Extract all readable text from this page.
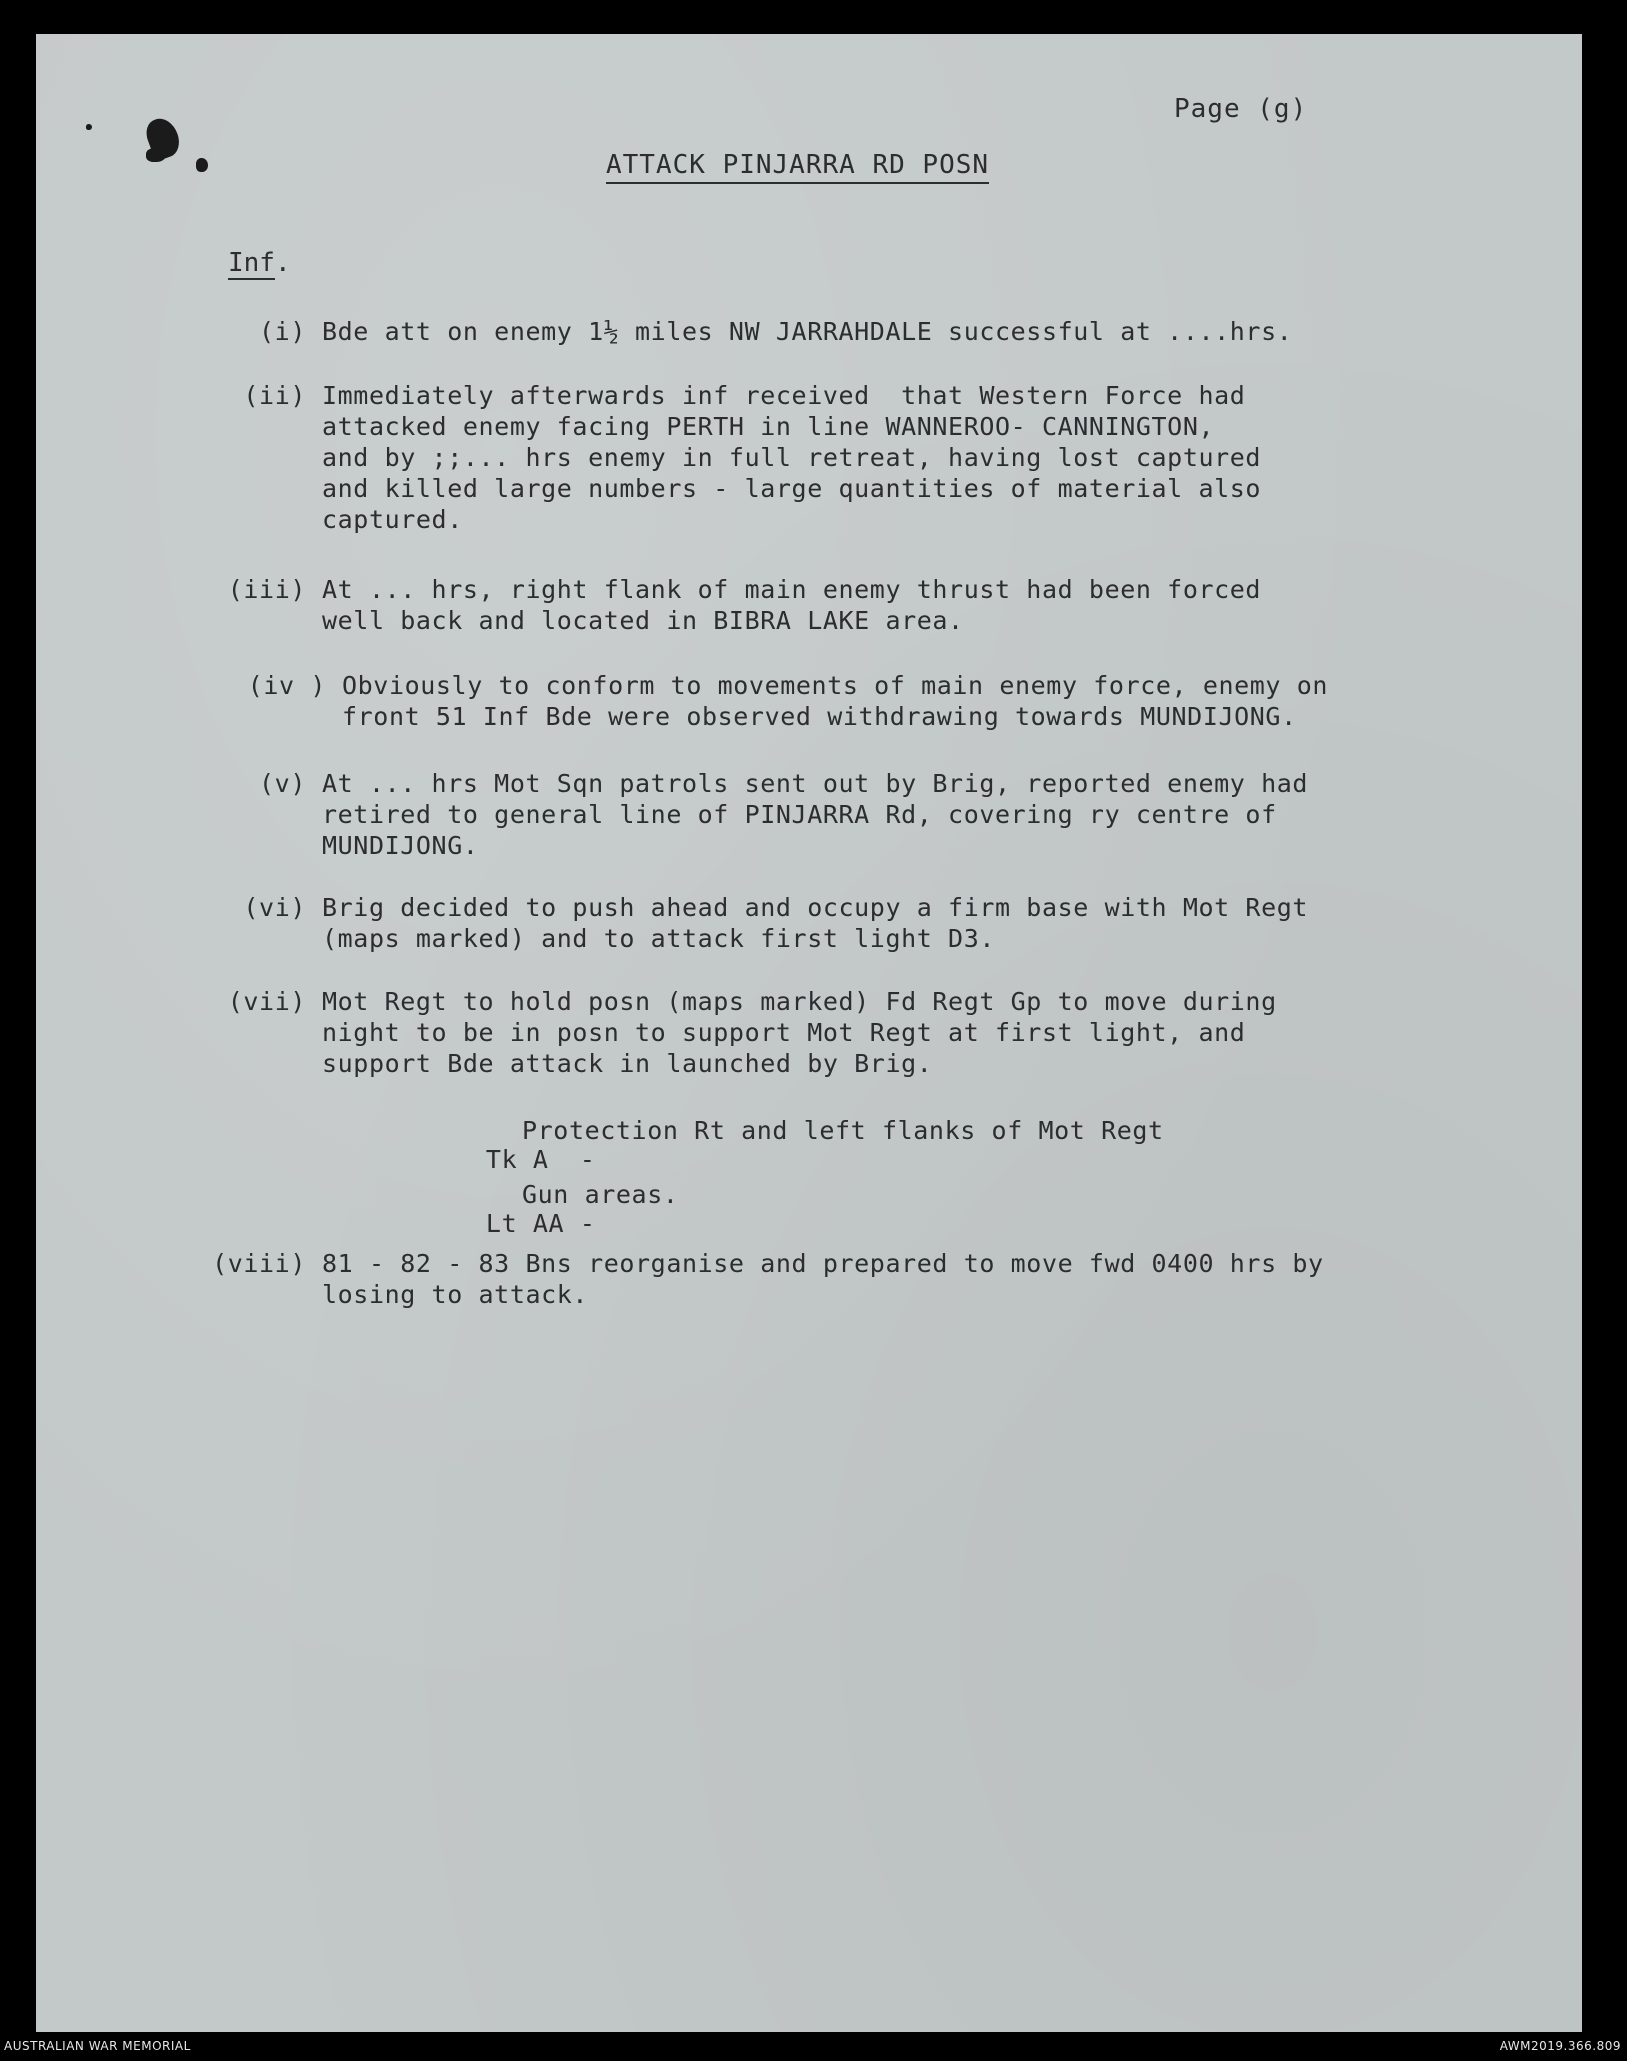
Page (g)
ATTACK PINJARRA RD POSN
Inf.

(i)

Bde att on enemy 1½ miles NW JARRAHDALE successful at ....hrs.

(ii)

Immediately afterwards inf received  that Western Force had

attacked enemy facing PERTH in line WANNEROO- CANNINGTON,

and by ;;... hrs enemy in full retreat, having lost captured

and killed large numbers - large quantities of material also

captured.

(iii)

At ... hrs, right flank of main enemy thrust had been forced

well back and located in BIBRA LAKE area.

(iv )

Obviously to conform to movements of main enemy force, enemy on

front 51 Inf Bde were observed withdrawing towards MUNDIJONG.

(v)

At ... hrs Mot Sqn patrols sent out by Brig, reported enemy had

retired to general line of PINJARRA Rd, covering ry centre of

MUNDIJONG.

(vi)

Brig decided to push ahead and occupy a firm base with Mot Regt

(maps marked) and to attack first light D3.

(vii)

Mot Regt to hold posn (maps marked) Fd Regt Gp to move during

night to be in posn to support Mot Regt at first light, and

support Bde attack in launched by Brig.

Tk A  -

Protection Rt and left flanks of Mot Regt

Lt AA -

Gun areas.

(viii)

81 - 82 - 83 Bns reorganise and prepared to move fwd 0400 hrs by

losing to attack.

AUSTRALIAN WAR MEMORIAL	AWM2019.366.809
